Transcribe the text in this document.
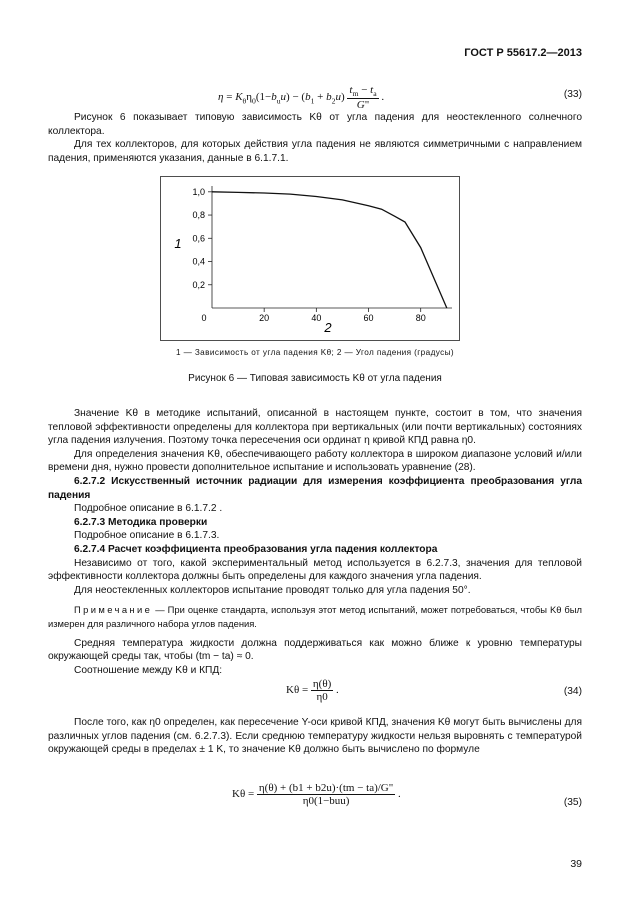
ГОСТ Р 55617.2—2013
$\eta = K_\theta\eta_0(1-b_uu) - (b_1 + b_2u) \frac{t_m - t_a}{G"}$ .	(33)

Рисунок 6 показывает типовую зависимость Kθ от угла падения для неостекленного солнечного коллектора.

Для тех коллекторов, для которых действия угла падения не являются симметричными с направлением падения, применяются указания, данные в 6.1.7.1.

1,0
0,8
0,6
0,4
0,2
0	20	40	60	80
1
2
1 — Зависимость от угла падения Kθ; 2 — Угол падения (градусы)
Рисунок 6 — Типовая зависимость Kθ от угла падения

Значение Kθ в методике испытаний, описанной в настоящем пункте, состоит в том, что значения тепловой эффективности определены для коллектора при вертикальных (или почти вертикальных) состояниях угла падения излучения. Поэтому точка пересечения оси ординат η кривой КПД равна η0.

Для определения значения Kθ, обеспечивающего работу коллектора в широком диапазоне условий и/или времени дня, нужно провести дополнительное испытание и использовать уравнение (28).

6.2.7.2 Искусственный источник радиации для измерения коэффициента преобразования угла падения

Подробное описание в 6.1.7.2 .

6.2.7.3 Методика проверки

Подробное описание в 6.1.7.3.

6.2.7.4 Расчет коэффициента преобразования угла падения коллектора

Независимо от того, какой экспериментальный метод используется в 6.2.7.3, значения для тепловой эффективности коллектора должны быть определены для каждого значения угла падения.

Для неостекленных коллекторов испытание проводят только для угла падения 50°.

Примечание — При оценке стандарта, используя этот метод испытаний, может потребоваться, чтобы Kθ был измерен для различного набора углов падения.

Средняя температура жидкости должна поддерживаться как можно ближе к уровню температуры окружающей среды так, чтобы (tm − ta) ≈ 0.

Соотношение между Kθ и КПД:

$K\theta = \frac{\eta(\theta)}{\eta 0}$ .	(34)

После того, как η0 определен, как пересечение Y-оси кривой КПД, значения Kθ могут быть вычислены для различных углов падения (см. 6.2.7.3). Если среднюю температуру жидкости нельзя выровнять с температурой окружающей среды в пределах ± 1 K, то значение Kθ должно быть вычислено по формуле

$K\theta = \frac{\eta(\theta) + (b1 + b2u)\cdot(tm - ta)/G"}{\text{η0(1−buu)}}$ .
(35)
39
